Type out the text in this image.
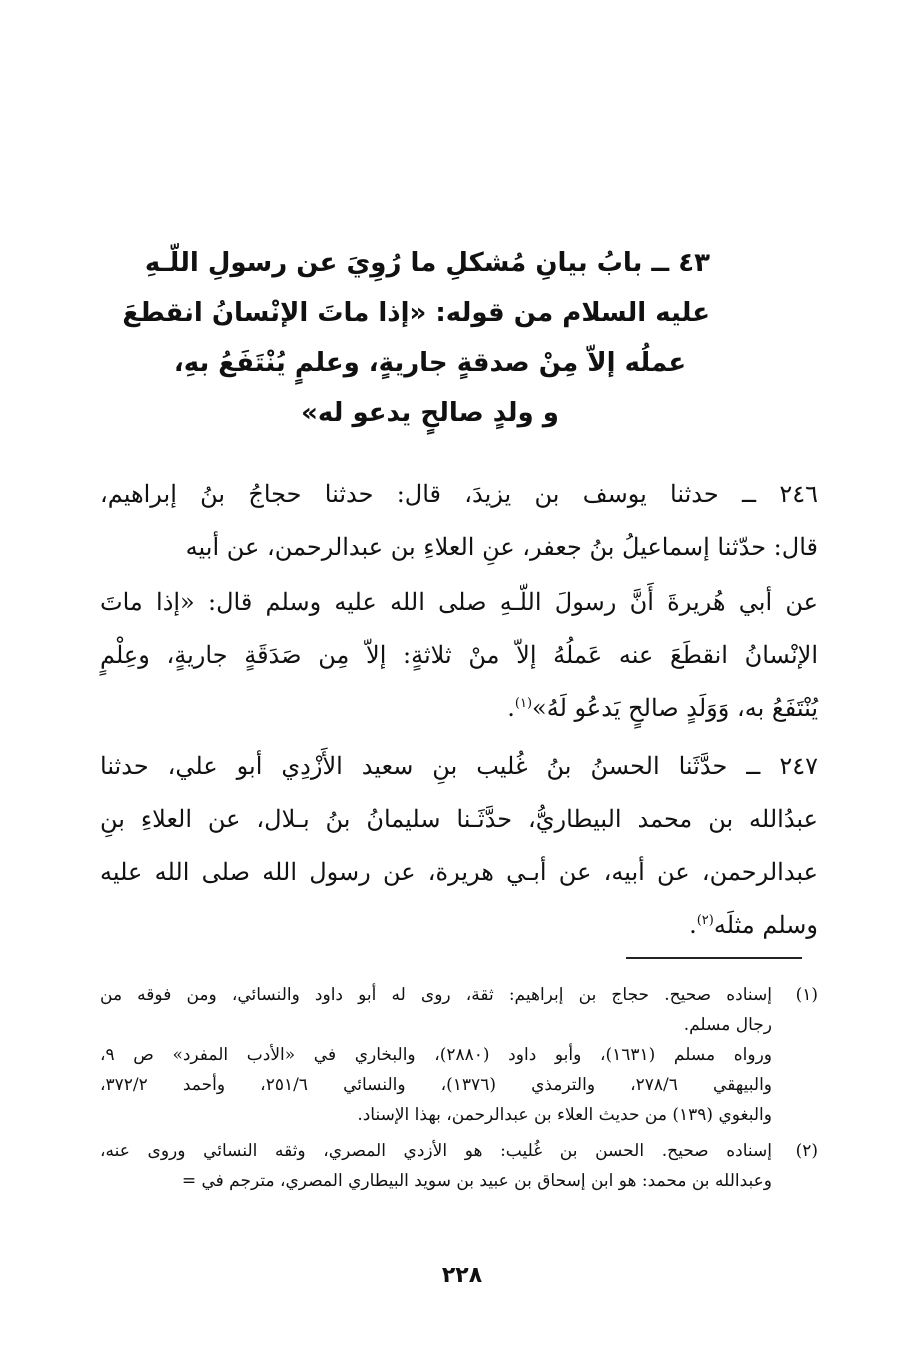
٤٣ ــ بابُ بيانِ مُشكلِ ما رُوِيَ عن رسولِ اللّـهِ
عليه السلام من قوله: «إذا ماتَ الإنْسانُ انقطعَ
عملُه إلاّ مِنْ صدقةٍ جاريةٍ، وعلمٍ يُنْتَفَعُ بهِ،
و ولدٍ صالحٍ يدعو له»

٢٤٦ ــ حدثنا يوسف بن يزيدَ، قال: حدثنا حجاجُ بنُ إبراهيم،
قال: حدّثنا إسماعيلُ بنُ جعفر، عنِ العلاءِ بن عبدالرحمن، عن أبيه

عن أبي هُريرةَ أَنَّ رسولَ اللّـهِ صلى الله عليه وسلم قال: «إذا ماتَ
الإنْسانُ انقطَعَ عنه عَملُهُ إلاّ منْ ثلاثةٍ: إلاّ مِن صَدَقَةٍ جاريةٍ، وعِلْمٍ
يُنْتَفَعُ به، وَوَلَدٍ صالحٍ يَدعُو لَهُ»$^{(١)}$.

٢٤٧ ــ حدَّثَنا الحسنُ بنُ غُليب بنِ سعيد الأَزْدِي أبو علي، حدثنا
عبدُالله بن محمد البيطاريُّ، حدَّثَـنا سليمانُ بنُ بـلال، عن العلاءِ بنِ
عبدالرحمن، عن أبيه، عن أبـي هريرة، عن رسول الله صلى الله عليه
وسلم مثلَه$^{(٢)}$.

(١)
إسناده صحيح. حجاج بن إبراهيم: ثقة، روى له أبو داود والنسائي، ومن فوقه من
رجال مسلم.
ورواه مسلم (١٦٣١)، وأبو داود (٢٨٨٠)، والبخاري في «الأدب المفرد» ص ٩،
والبيهقي ٢٧٨/٦، والترمذي (١٣٧٦)، والنسائي ٢٥١/٦، وأحمد ٣٧٢/٢،
والبغوي (١٣٩) من حديث العلاء بن عبدالرحمن، بهذا الإسناد.
(٢)
إسناده صحيح. الحسن بن غُليب: هو الأزدي المصري، وثقه النسائي وروى عنه،
وعبدالله بن محمد: هو ابن إسحاق بن عبيد بن سويد البيطاري المصري، مترجم في =
٢٢٨
